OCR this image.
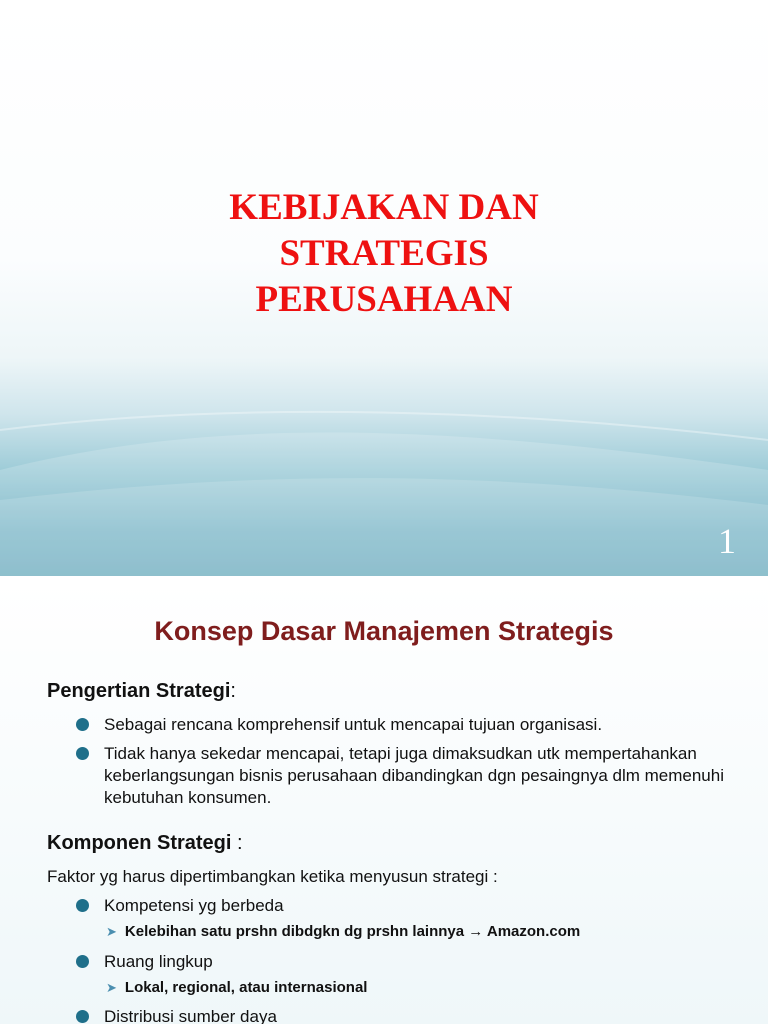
KEBIJAKAN DAN
STRATEGIS
PERUSAHAAN
1
Konsep Dasar Manajemen Strategis
Pengertian Strategi:
Sebagai rencana komprehensif untuk mencapai tujuan organisasi.
Tidak hanya sekedar mencapai, tetapi juga dimaksudkan utk mempertahankan keberlangsungan bisnis perusahaan dibandingkan dgn pesaingnya dlm memenuhi kebutuhan konsumen.
Komponen Strategi :
Faktor yg harus dipertimbangkan ketika menyusun strategi :
Kompetensi yg berbeda
➤ Kelebihan satu prshn dibdgkn dg prshn lainnya → Amazon.com
Ruang lingkup
➤ Lokal, regional, atau internasional
Distribusi sumber daya
